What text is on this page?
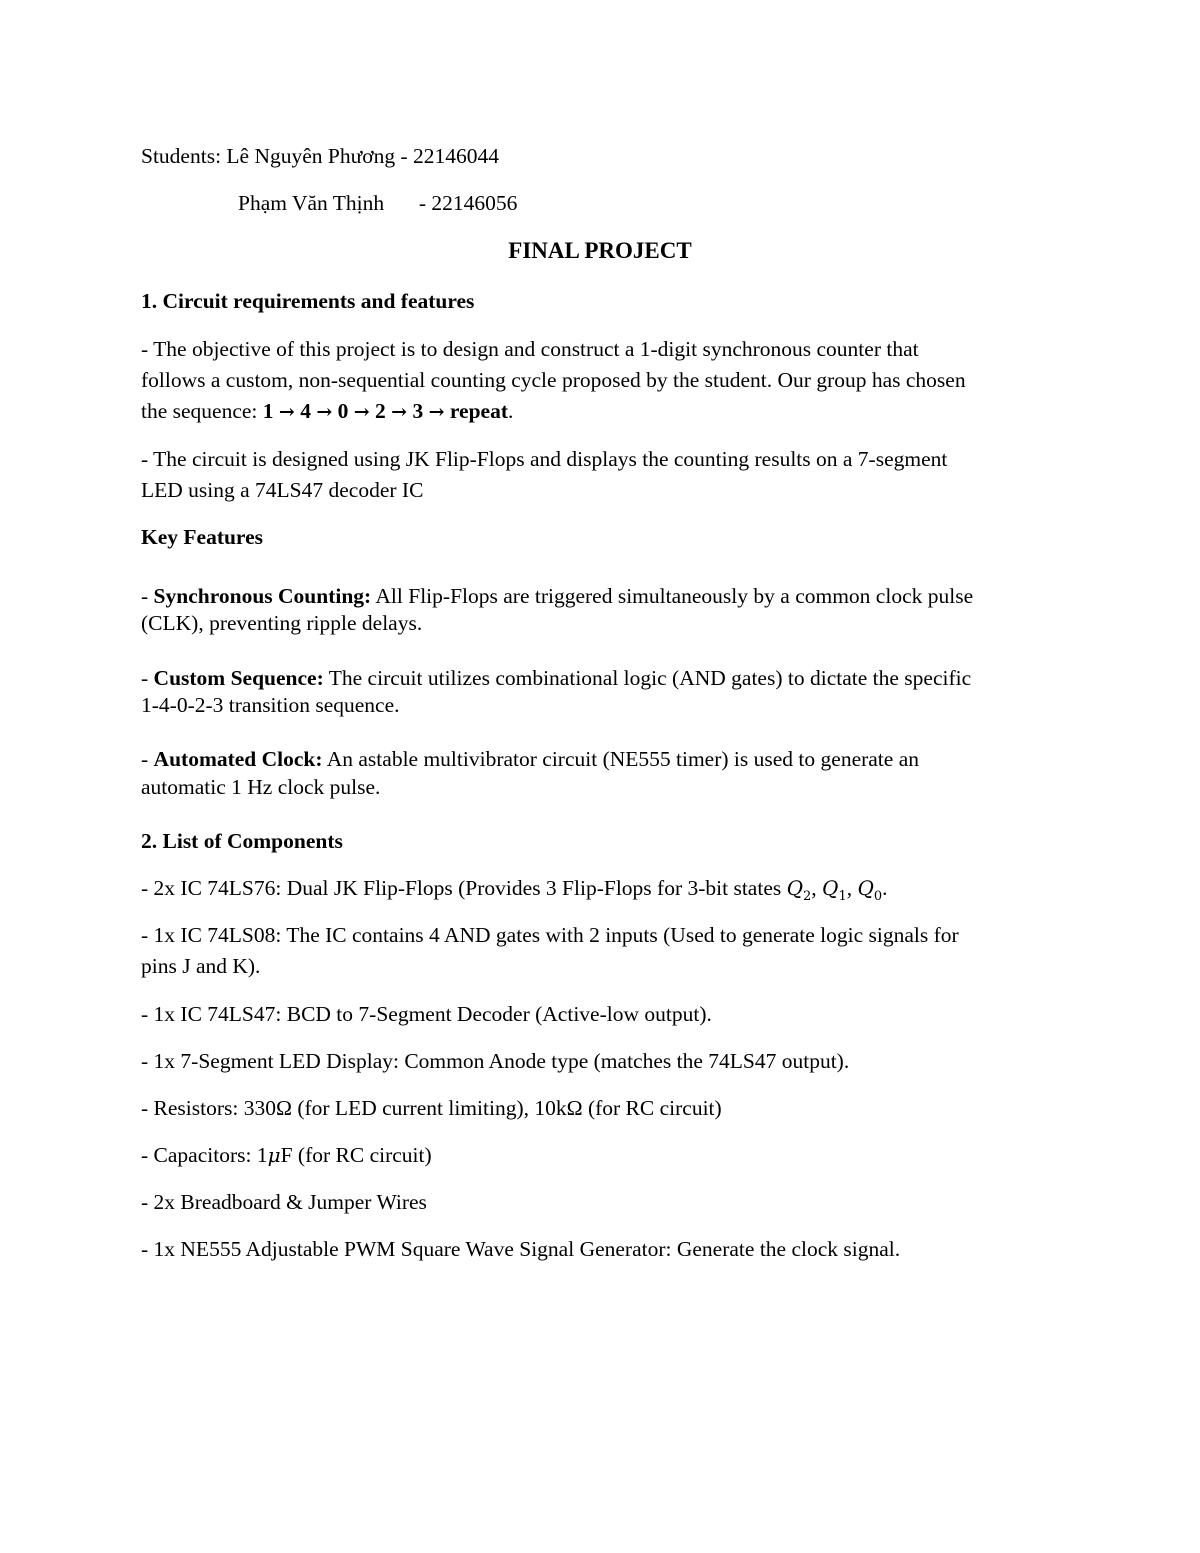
Students: Lê Nguyên Phương - 22146044
Phạm Văn Thịnh - 22146056
FINAL PROJECT
1. Circuit requirements and features
- The objective of this project is to design and construct a 1-digit synchronous counter that
follows a custom, non-sequential counting cycle proposed by the student. Our group has chosen
the sequence: 1 → 4 → 0 → 2 → 3 → repeat.
- The circuit is designed using JK Flip-Flops and displays the counting results on a 7-segment
LED using a 74LS47 decoder IC
Key Features
- Synchronous Counting: All Flip-Flops are triggered simultaneously by a common clock pulse
(CLK), preventing ripple delays.
- Custom Sequence: The circuit utilizes combinational logic (AND gates) to dictate the specific
1-4-0-2-3 transition sequence.
- Automated Clock: An astable multivibrator circuit (NE555 timer) is used to generate an
automatic 1 Hz clock pulse.
2. List of Components
- 2x IC 74LS76: Dual JK Flip-Flops (Provides 3 Flip-Flops for 3-bit states $Q_2$, $Q_1$, $Q_0$.
- 1x IC 74LS08: The IC contains 4 AND gates with 2 inputs (Used to generate logic signals for
pins J and K).
- 1x IC 74LS47: BCD to 7-Segment Decoder (Active-low output).
- 1x 7-Segment LED Display: Common Anode type (matches the 74LS47 output).
- Resistors: 330Ω (for LED current limiting), 10kΩ (for RC circuit)
- Capacitors: 1μF (for RC circuit)
- 2x Breadboard & Jumper Wires
- 1x NE555 Adjustable PWM Square Wave Signal Generator: Generate the clock signal.
